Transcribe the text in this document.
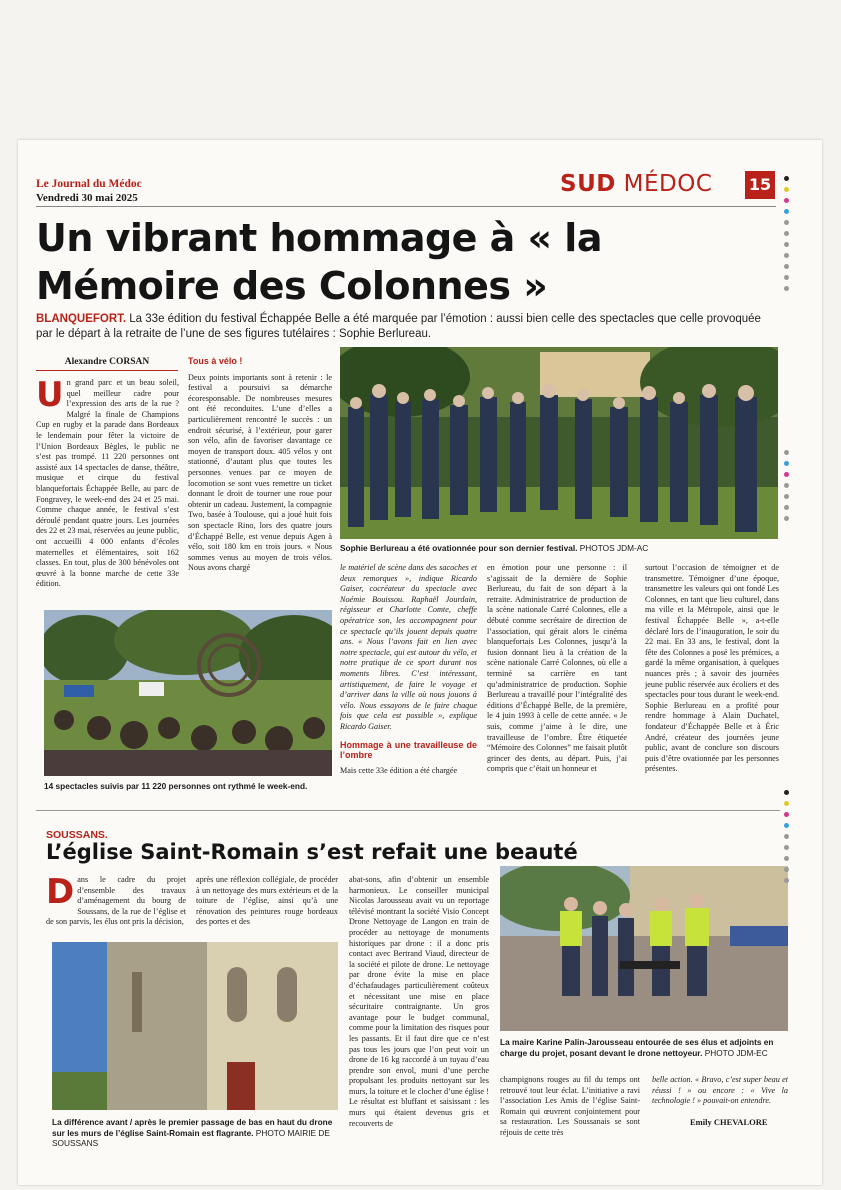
Le Journal du Médoc
Vendredi 30 mai 2025
SUD MÉDOC 15
Un vibrant hommage à « la Mémoire des Colonnes »
BLANQUEFORT. La 33e édition du festival Échappée Belle a été marquée par l’émotion : aussi bien celle des spectacles que celle provoquée par le départ à la retraite de l’une de ses figures tutélaires : Sophie Berlureau.
Alexandre CORSAN
Un grand parc et un beau soleil, quel meilleur cadre pour l’expression des arts de la rue ? Malgré la finale de Champions Cup en rugby et la parade dans Bordeaux le lendemain pour fêter la victoire de l’Union Bordeaux Bègles, le public ne s’est pas trompé. 11 220 personnes ont assisté aux 14 spectacles de danse, théâtre, musique et cirque du festival blanquefortais Échappée Belle, au parc de Fongravey, le week-end des 24 et 25 mai. Comme chaque année, le festival s’est déroulé pendant quatre jours. Les journées des 22 et 23 mai, réservées au jeune public, ont accueilli 4 000 enfants d’écoles maternelles et élémentaires, soit 162 classes. En tout, plus de 300 bénévoles ont œuvré à la bonne marche de cette 33e édition.
Tous à vélo !
Deux points importants sont à retenir : le festival a poursuivi sa démarche écoresponsable. De nombreuses mesures ont été reconduites. L’une d’elles a particulièrement rencontré le succès : un endroit sécurisé, à l’extérieur, pour garer son vélo, afin de favoriser davantage ce moyen de transport doux. 405 vélos y ont stationné, d’autant plus que toutes les personnes venues par ce moyen de locomotion se sont vues remettre un ticket donnant le droit de tourner une roue pour obtenir un cadeau. Justement, la compagnie Two, basée à Toulouse, qui a joué huit fois son spectacle Rino, lors des quatre jours d’Échappé Belle, est venue depuis Agen à vélo, soit 180 km en trois jours. « Nous sommes venus au moyen de trois vélos. Nous avons chargé
Sophie Berlureau a été ovationnée pour son dernier festival. PHOTOS JDM-AC
14 spectacles suivis par 11 220 personnes ont rythmé le week-end.
le matériel de scène dans des sacoches et deux remorques », indique Ricardo Gaiser, cocréateur du spectacle avec Noémie Bouissou. Raphaël Jourdain, régisseur et Charlotte Comte, cheffe opératrice son, les accompagnent pour ce spectacle qu’ils jouent depuis quatre ans. « Nous l’avons fait en lien avec notre spectacle, qui est autour du vélo, et notre pratique de ce sport durant nos moments libres. C’est intéressant, artistiquement, de faire le voyage et d’arriver dans la ville où nous jouons à vélo. Nous essayons de le faire chaque fois que cela est possible », explique Ricardo Gaiser.
Hommage à une travailleuse de l’ombre
Mais cette 33e édition a été chargée
en émotion pour une personne : il s’agissait de la dernière de Sophie Berlureau, du fait de son départ à la retraite. Administratrice de production de la scène nationale Carré Colonnes, elle a débuté comme secrétaire de direction de l’association, qui gérait alors le cinéma blanquefortais Les Colonnes, jusqu’à la fusion donnant lieu à la création de la scène nationale Carré Colonnes, où elle a terminé sa carrière en tant qu’administratrice de production. Sophie Berlureau a travaillé pour l’intégralité des éditions d’Échappé Belle, de la première, le 4 juin 1993 à celle de cette année. « Je suis, comme j’aime à le dire, une travailleuse de l’ombre. Être étiquetée “Mémoire des Colonnes” me faisait plutôt grincer des dents, au départ. Puis, j’ai compris que c’était un honneur et
surtout l’occasion de témoigner et de transmettre. Témoigner d’une époque, transmettre les valeurs qui ont fondé Les Colonnes, en tant que lieu culturel, dans ma ville et la Métropole, ainsi que le festival Échappée Belle », a-t-elle déclaré lors de l’inauguration, le soir du 22 mai. En 33 ans, le festival, dont la fête des Colonnes a posé les prémices, a gardé la même organisation, à quelques nuances près ; à savoir des journées jeune public réservée aux écoliers et des spectacles pour tous durant le week-end. Sophie Berlureau en a profité pour rendre hommage à Alain Duchatel, fondateur d’Échappée Belle et à Éric André, créateur des journées jeune public, avant de conclure son discours puis d’être ovationnée par les personnes présentes.
SOUSSANS.
L’église Saint-Romain s’est refait une beauté
Dans le cadre du projet d’ensemble des travaux d’aménagement du bourg de Soussans, de la rue de l’église et de son parvis, les élus ont pris la décision,
après une réflexion collégiale, de procéder à un nettoyage des murs extérieurs et de la toiture de l’église, ainsi qu’à une rénovation des peintures rouge bordeaux des portes et des
La différence avant / après le premier passage de bas en haut du drone sur les murs de l’église Saint-Romain est flagrante. PHOTO MAIRIE DE SOUSSANS
abat-sons, afin d’obtenir un ensemble harmonieux. Le conseiller municipal Nicolas Jarousseau avait vu un reportage télévisé montrant la société Visio Concept Drone Nettoyage de Langon en train de procéder au nettoyage de monuments historiques par drone : il a donc pris contact avec Bertrand Viaud, directeur de la société et pilote de drone. Le nettoyage par drone évite la mise en place d’échafaudages particulièrement coûteux et nécessitant une mise en place sécuritaire contraignante. Un gros avantage pour le budget communal, comme pour la limitation des risques pour les passants. Et il faut dire que ce n’est pas tous les jours que l’on peut voir un drone de 16 kg raccordé à un tuyau d’eau prendre son envol, muni d’une perche propulsant les produits nettoyant sur les murs, la toiture et le clocher d’une église ! Le résultat est bluffant et saisissant : les murs qui étaient devenus gris et recouverts de
La maire Karine Palin-Jarousseau entourée de ses élus et adjoints en charge du projet, posant devant le drone nettoyeur. PHOTO JDM-EC
champignons rouges au fil du temps ont retrouvé tout leur éclat. L’initiative a ravi l’association Les Amis de l’église Saint-Romain qui œuvrent conjointement pour sa restauration. Les Soussanais se sont réjouis de cette très
belle action. « Bravo, c’est super beau et réussi ! » ou encore : « Vive la technologie ! » pouvait-on entendre.
Emily CHEVALORE
